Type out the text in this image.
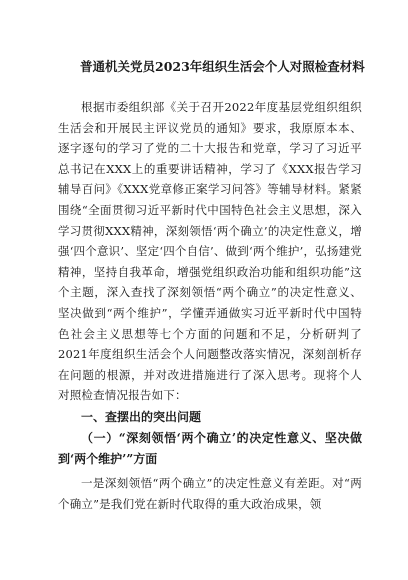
普通机关党员2023年组织生活会个人对照检查材料

根据市委组织部《关于召开2022年度基层党组织组织生活会和开展民主评议党员的通知》要求，我原原本本、逐字逐句的学习了党的二十大报告和党章，学习了习近平总书记在XXX上的重要讲话精神，学习了《XXX报告学习辅导百问》《XXX党章修正案学习问答》等辅导材料。紧紧围绕“全面贯彻习近平新时代中国特色社会主义思想，深入学习贯彻XXX精神，深刻领悟‘两个确立’的决定性意义，增强‘四个意识’、坚定‘四个自信’、做到‘两个维护’，弘扬建党精神，坚持自我革命，增强党组织政治功能和组织功能”这个主题，深入查找了深刻领悟“两个确立”的决定性意义、坚决做到“两个维护”，学懂弄通做实习近平新时代中国特色社会主义思想等七个方面的问题和不足，分析研判了2021年度组织生活会个人问题整改落实情况，深刻剖析存在问题的根源，并对改进措施进行了深入思考。现将个人对照检查情况报告如下：

一、查摆出的突出问题
（一）“深刻领悟‘两个确立’的决定性意义、坚决做到‘两个维护’”方面

一是深刻领悟“两个确立”的决定性意义有差距。对“两个确立”是我们党在新时代取得的重大政治成果，领
